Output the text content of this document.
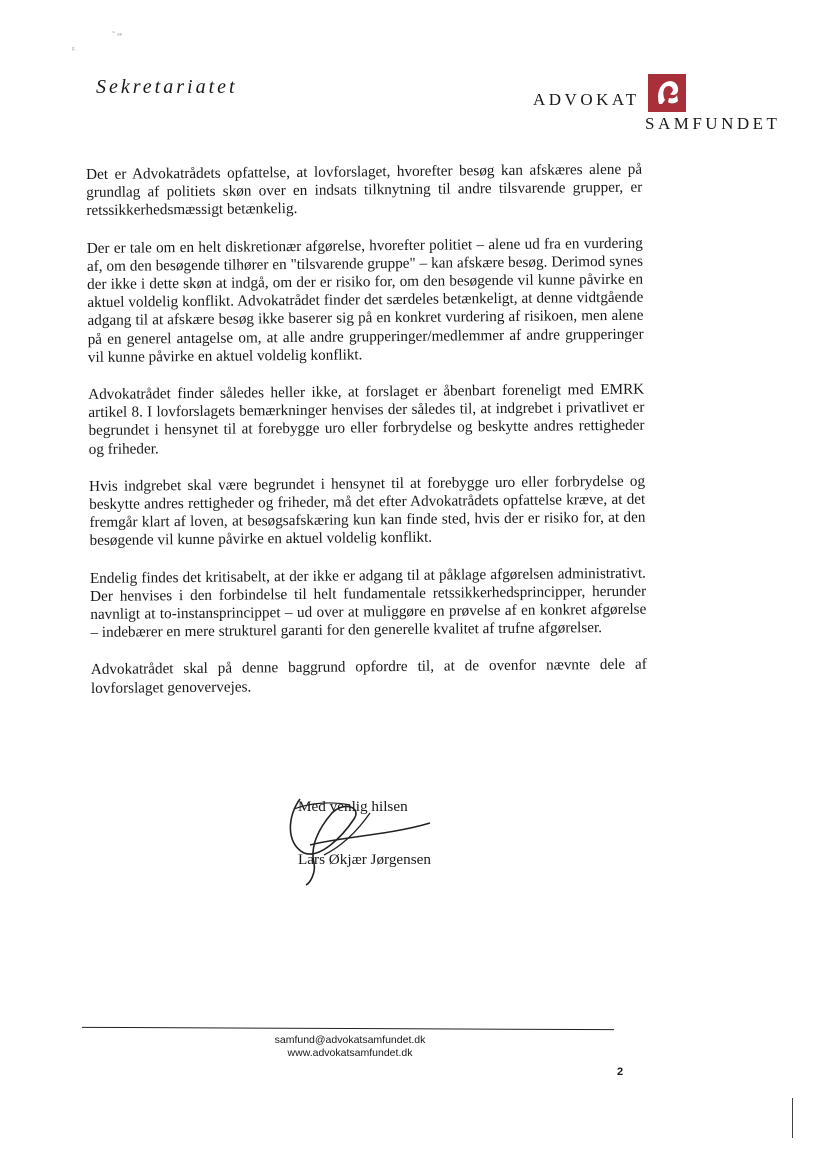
˜ ᵃᵉ
ᵍ
Sekretariatet
ADVOKAT
SAMFUNDET

Det er Advokatrådets opfattelse, at lovforslaget, hvorefter besøg kan afskæres alene på grundlag af politiets skøn over en indsats tilknytning til andre tilsvarende grupper, er retssikkerhedsmæssigt betænkelig.

Der er tale om en helt diskretionær afgørelse, hvorefter politiet – alene ud fra en vurdering af, om den besøgende tilhører en "tilsvarende gruppe" – kan afskære besøg. Derimod synes der ikke i dette skøn at indgå, om der er risiko for, om den besøgende vil kunne påvirke en aktuel voldelig konflikt. Advokatrådet finder det særdeles betænkeligt, at denne vidtgående adgang til at afskære besøg ikke baserer sig på en konkret vurdering af risikoen, men alene på en generel antagelse om, at alle andre grupperinger/medlemmer af andre grupperinger vil kunne påvirke en aktuel voldelig konflikt.

Advokatrådet finder således heller ikke, at forslaget er åbenbart foreneligt med EMRK artikel 8. I lovforslagets bemærkninger henvises der således til, at indgrebet i privatlivet er begrundet i hensynet til at forebygge uro eller forbrydelse og beskytte andres rettigheder og friheder.

Hvis indgrebet skal være begrundet i hensynet til at forebygge uro eller forbrydelse og beskytte andres rettigheder og friheder, må det efter Advokatrådets opfattelse kræve, at det fremgår klart af loven, at besøgsafskæring kun kan finde sted, hvis der er risiko for, at den besøgende vil kunne påvirke en aktuel voldelig konflikt.

Endelig findes det kritisabelt, at der ikke er adgang til at påklage afgørelsen administrativt. Der henvises i den forbindelse til helt fundamentale retssikkerhedsprincipper, herunder navnligt at to-instansprincippet – ud over at muliggøre en prøvelse af en konkret afgørelse – indebærer en mere strukturel garanti for den generelle kvalitet af trufne afgørelser.

Advokatrådet skal på denne baggrund opfordre til, at de ovenfor nævnte dele af lovforslaget genovervejes.

Med venlig hilsen
Lars Økjær Jørgensen
samfund@advokatsamfundet.dk
www.advokatsamfundet.dk
2
